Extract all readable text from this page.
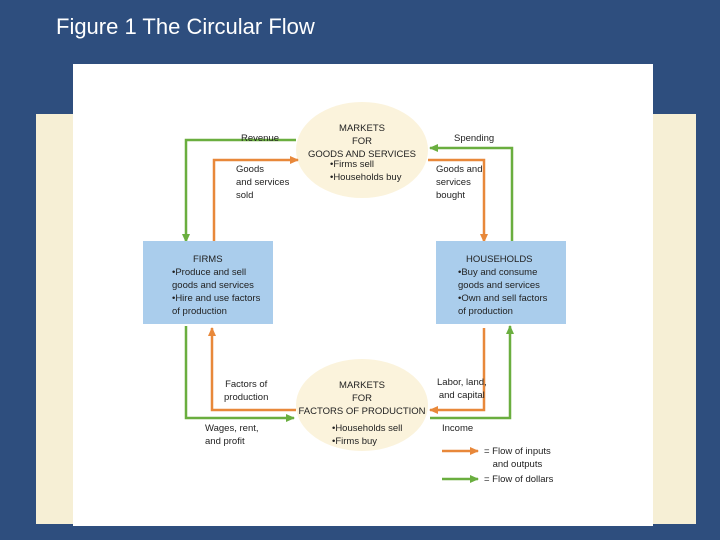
Figure 1 The Circular Flow
FIRMS
•Produce and sell
goods and services
•Hire and use factors
of production
HOUSEHOLDS
•Buy and consume
goods and services
•Own and sell factors
of production
MARKETS
FOR
GOODS AND SERVICES
•Firms sell
•Households buy
MARKETS
FOR
FACTORS OF PRODUCTION
•Households sell
•Firms buy
Revenue
Goods
and services
sold
Spending
Goods and
services
bought
Factors of
production
Wages, rent,
and profit
Labor, land,
and capital
Income
= Flow of inputs
and outputs
= Flow of dollars
